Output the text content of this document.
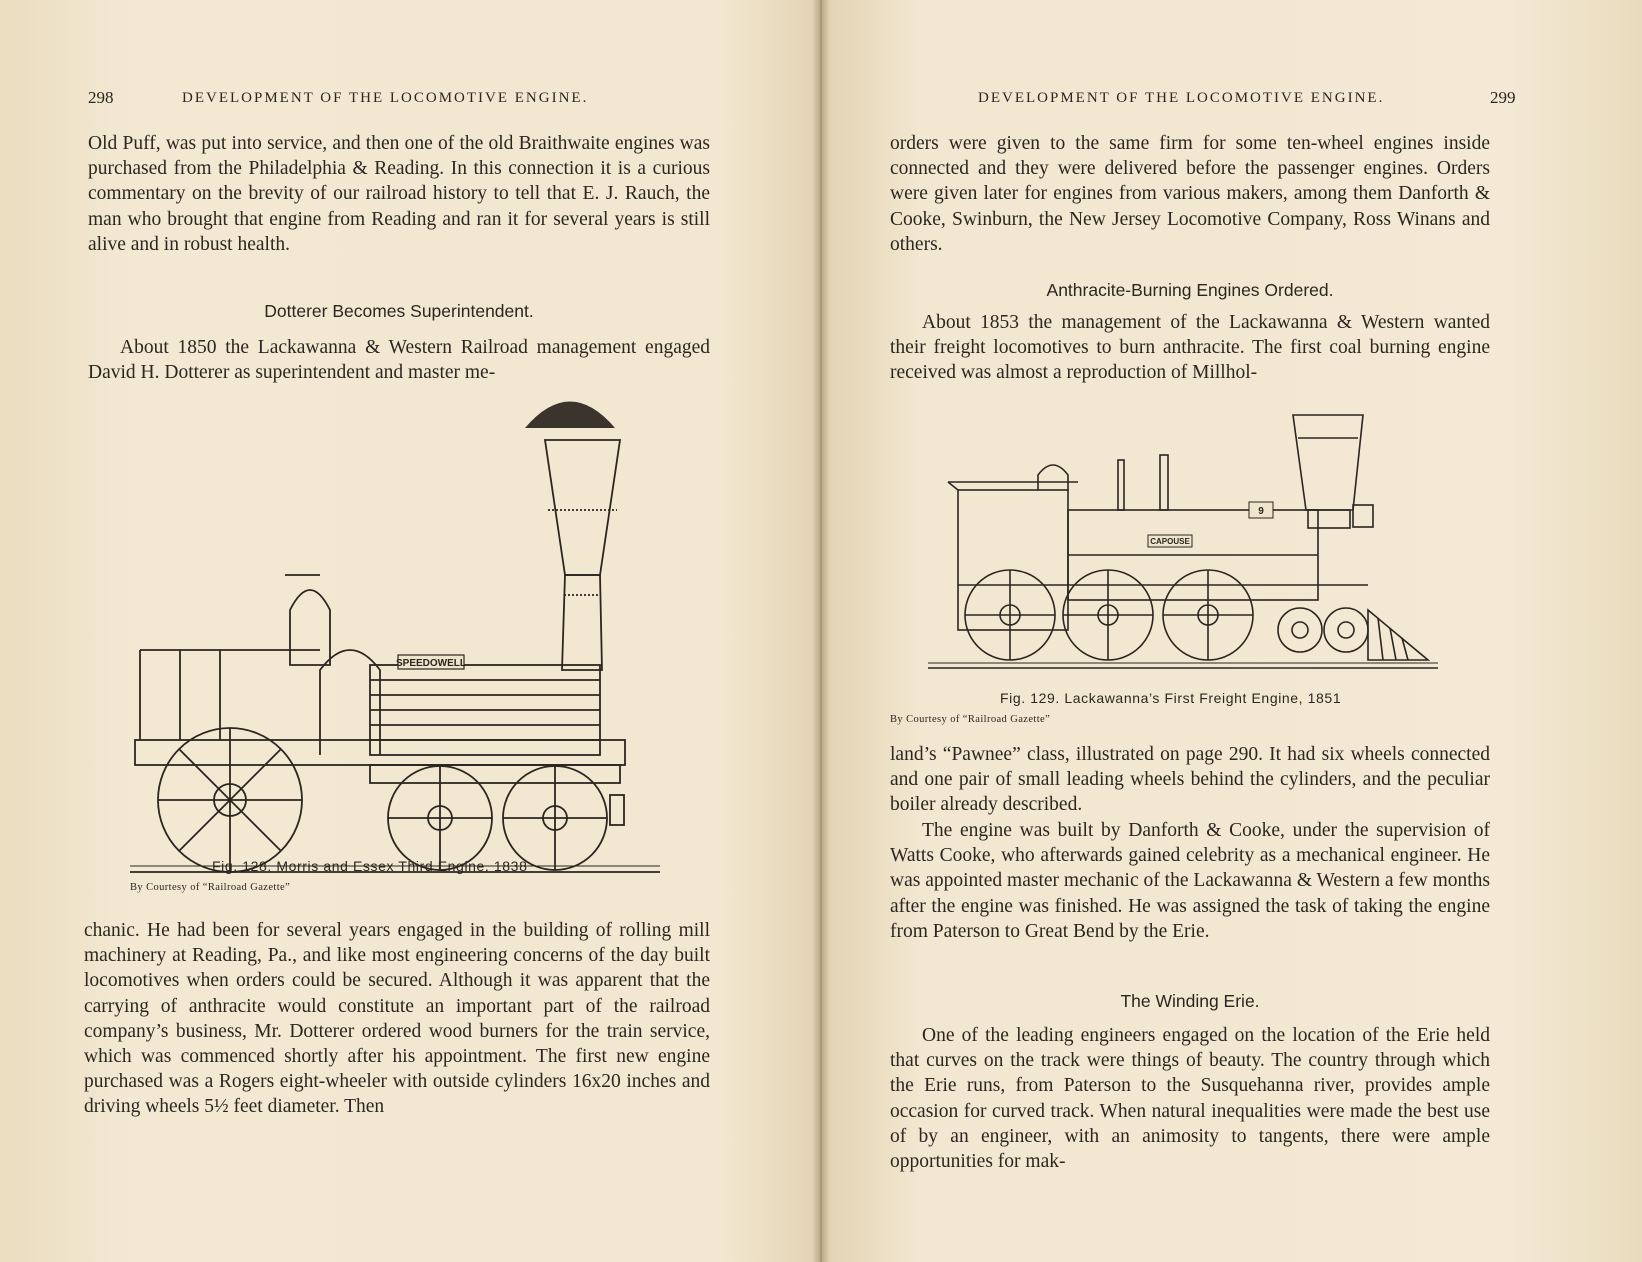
298	DEVELOPMENT OF THE LOCOMOTIVE ENGINE.

Old Puff, was put into service, and then one of the old Braithwaite engines was purchased from the Philadelphia & Reading. In this connection it is a curious commentary on the brevity of our railroad history to tell that E. J. Rauch, the man who brought that engine from Reading and ran it for several years is still alive and in robust health.

Dotterer Becomes Superintendent.

About 1850 the Lackawanna & Western Railroad management engaged David H. Dotterer as superintendent and master me-

SPEEDOWELL

Fig. 128. Morris and Essex Third Engine, 1838

By Courtesy of “Railroad Gazette”

chanic. He had been for several years engaged in the building of rolling mill machinery at Reading, Pa., and like most engineering concerns of the day built locomotives when orders could be secured. Although it was apparent that the carrying of anthracite would constitute an important part of the railroad company’s business, Mr. Dotterer ordered wood burners for the train service, which was commenced shortly after his appointment. The first new engine purchased was a Rogers eight-wheeler with outside cylinders 16x20 inches and driving wheels 5½ feet diameter. Then

DEVELOPMENT OF THE LOCOMOTIVE ENGINE.	299

orders were given to the same firm for some ten-wheel engines inside connected and they were delivered before the passenger engines. Orders were given later for engines from various makers, among them Danforth & Cooke, Swinburn, the New Jersey Locomotive Company, Ross Winans and others.

Anthracite-Burning Engines Ordered.

About 1853 the management of the Lackawanna & Western wanted their freight locomotives to burn anthracite. The first coal burning engine received was almost a reproduction of Millhol-

CAPOUSE
9

Fig. 129. Lackawanna’s First Freight Engine, 1851

By Courtesy of “Railroad Gazette”

land’s “Pawnee” class, illustrated on page 290. It had six wheels connected and one pair of small leading wheels behind the cylinders, and the peculiar boiler already described.

The engine was built by Danforth & Cooke, under the supervision of Watts Cooke, who afterwards gained celebrity as a mechanical engineer. He was appointed master mechanic of the Lackawanna & Western a few months after the engine was finished. He was assigned the task of taking the engine from Paterson to Great Bend by the Erie.

The Winding Erie.

One of the leading engineers engaged on the location of the Erie held that curves on the track were things of beauty. The country through which the Erie runs, from Paterson to the Susquehanna river, provides ample occasion for curved track. When natural inequalities were made the best use of by an engineer, with an animosity to tangents, there were ample opportunities for mak-
